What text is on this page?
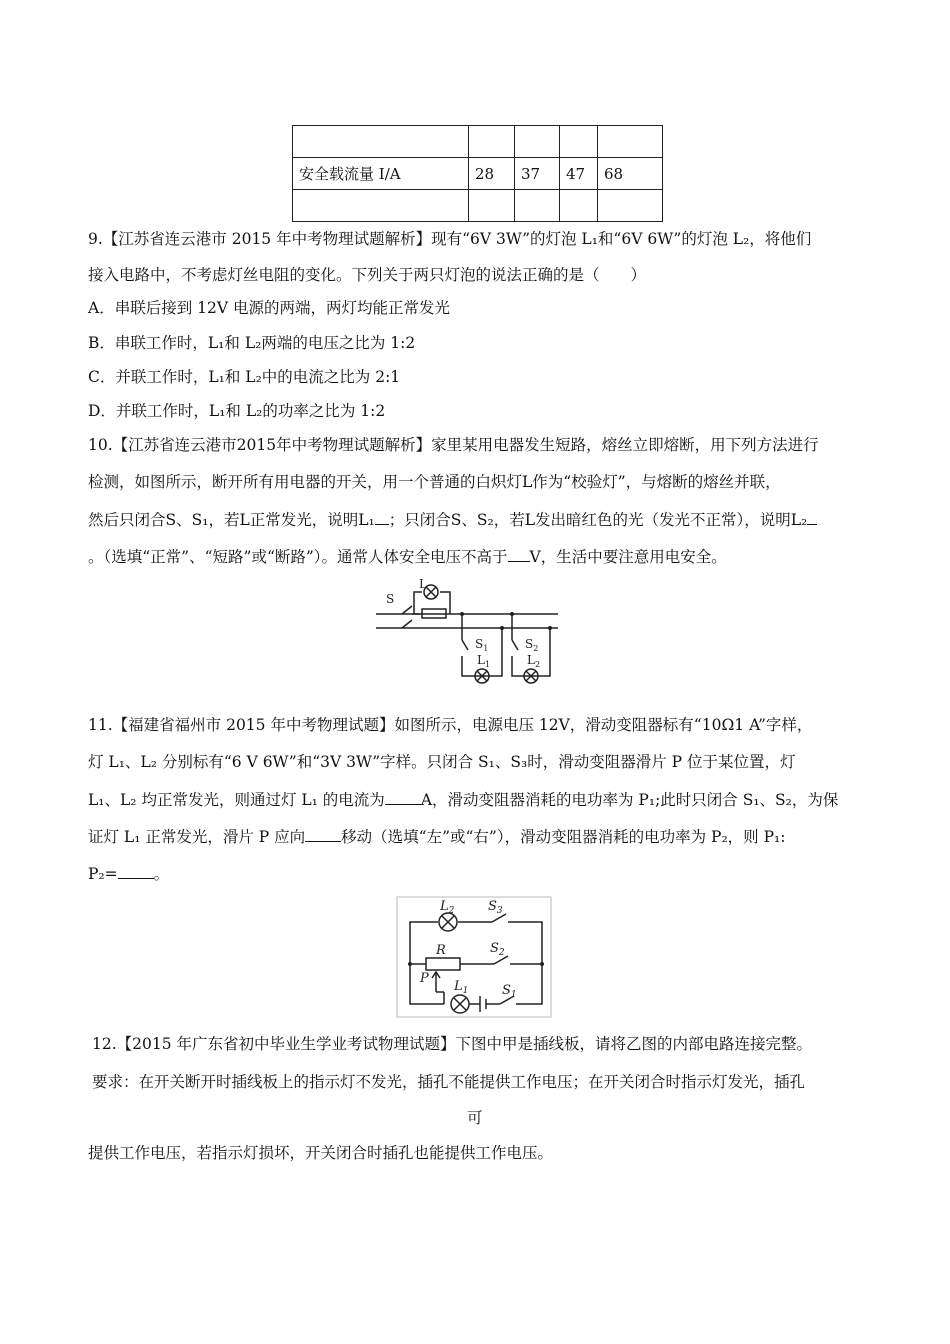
安全载流量 I/A	28	37	47	68

9.【江苏省连云港市 2015 年中考物理试题解析】现有“6V 3W”的灯泡 L₁和“6V 6W”的灯泡 L₂，将他们
接入电路中，不考虑灯丝电阻的变化。下列关于两只灯泡的说法正确的是（　　）
A．串联后接到 12V 电源的两端，两灯均能正常发光
B．串联工作时，L₁和 L₂两端的电压之比为 1:2
C．并联工作时，L₁和 L₂中的电流之比为 2:1
D．并联工作时，L₁和 L₂的功率之比为 1:2
10.【江苏省连云港市2015年中考物理试题解析】家里某用电器发生短路，熔丝立即熔断，用下列方法进行
检测，如图所示，断开所有用电器的开关，用一个普通的白炽灯L作为“校验灯”，与熔断的熔丝并联，
然后只闭合S、S₁，若L正常发光，说明L₁ ；只闭合S、S₂，若L发出暗红色的光（发光不正常），说明L₂
。（选填“正常”、“短路”或“断路”）。通常人体安全电压不高于 V，生活中要注意用电安全。
S
L
$S_1$
$L_1$
$S_2$
$L_2$
11.【福建省福州市 2015 年中考物理试题】如图所示，电源电压 12V，滑动变阻器标有“10Ω1 A”字样，
灯 L₁、L₂ 分别标有“6 V 6W”和“3V 3W”字样。只闭合 S₁、S₃时，滑动变阻器滑片 P 位于某位置，灯
L₁、L₂ 均正常发光，则通过灯 L₁ 的电流为 A，滑动变阻器消耗的电功率为 P₁;此时只闭合 S₁、S₂，为保
证灯 L₁ 正常发光，滑片 P 应向 移动（选填“左”或“右”），滑动变阻器消耗的电功率为 P₂，则 P₁:
P₂= 。
$L_2$	$S_3$
R	$S_2$
P
$L_1$	$S_1$
12.【2015 年广东省初中毕业生学业考试物理试题】下图中甲是插线板，请将乙图的内部电路连接完整。
要求：在开关断开时插线板上的指示灯不发光，插孔不能提供工作电压；在开关闭合时指示灯发光，插孔
可
提供工作电压，若指示灯损坏，开关闭合时插孔也能提供工作电压。
